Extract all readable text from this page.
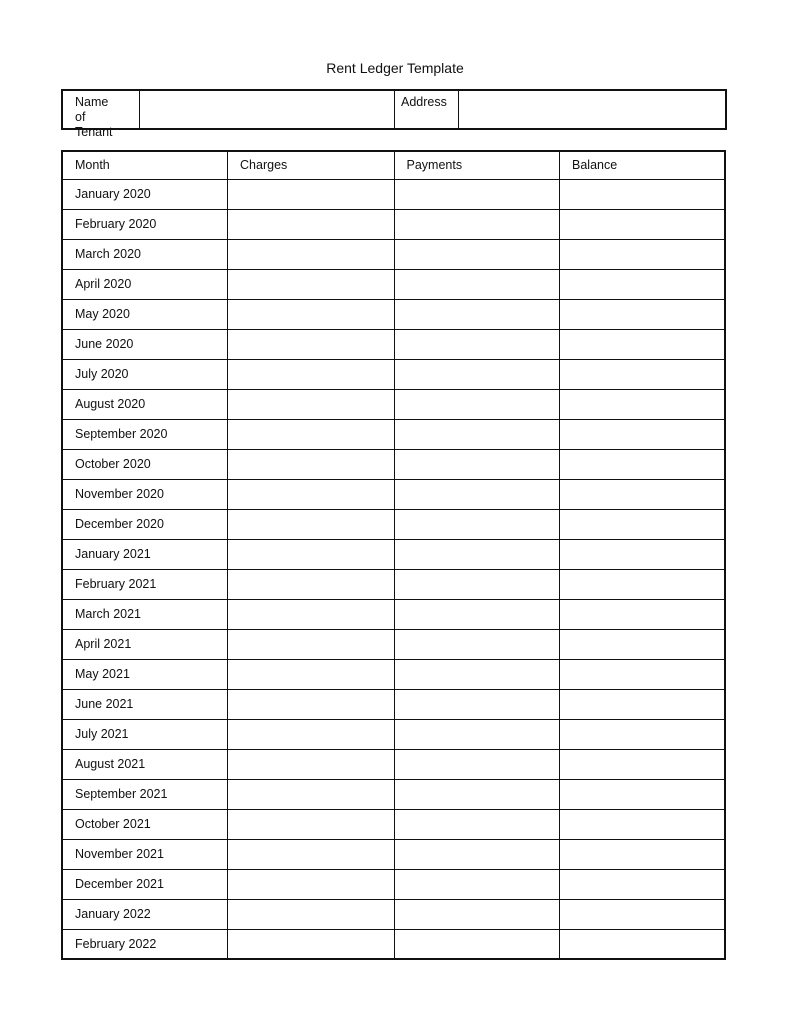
Rent Ledger Template
Name of Tenant
Address
Month	Charges	Payments	Balance
January 2020			
February 2020			
March 2020			
April 2020			
May 2020			
June 2020			
July 2020			
August 2020			
September 2020			
October 2020			
November 2020			
December 2020			
January 2021			
February 2021			
March 2021			
April 2021			
May 2021			
June 2021			
July 2021			
August 2021			
September 2021			
October 2021			
November 2021			
December 2021			
January 2022			
February 2022			
